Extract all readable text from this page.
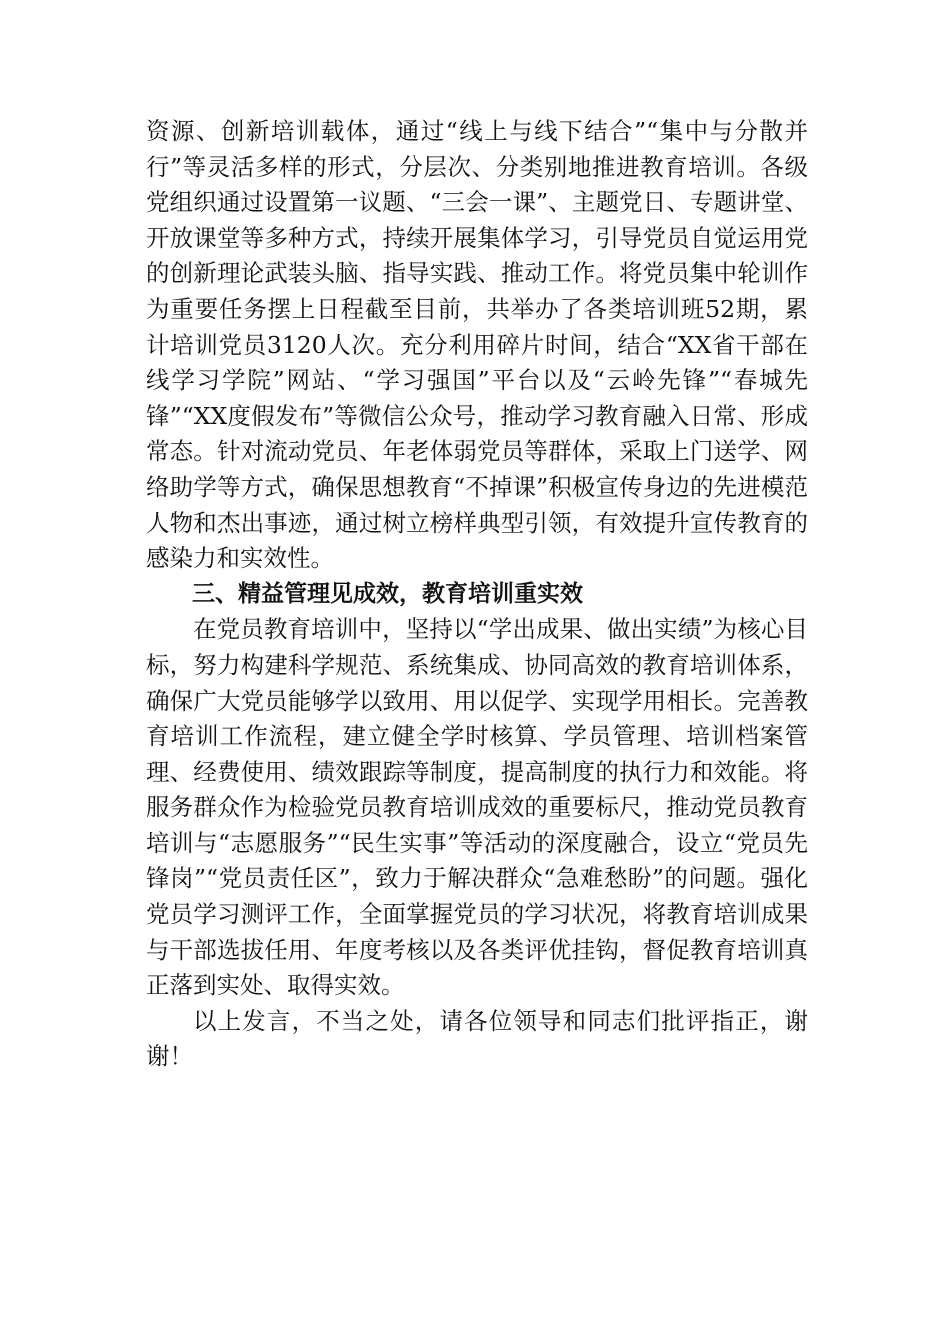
资源、创新培训载体，通过“线上与线下结合”“集中与分散并行”等灵活多样的形式，分层次、分类别地推进教育培训。各级党组织通过设置第一议题、“三会一课”、主题党日、专题讲堂、开放课堂等多种方式，持续开展集体学习，引导党员自觉运用党的创新理论武装头脑、指导实践、推动工作。将党员集中轮训作为重要任务摆上日程截至目前，共举办了各类培训班52期，累计培训党员3120人次。充分利用碎片时间，结合“XX省干部在线学习学院”网站、“学习强国”平台以及“云岭先锋”“春城先锋”“XX度假发布”等微信公众号，推动学习教育融入日常、形成常态。针对流动党员、年老体弱党员等群体，采取上门送学、网络助学等方式，确保思想教育“不掉课”积极宣传身边的先进模范人物和杰出事迹，通过树立榜样典型引领，有效提升宣传教育的感染力和实效性。

三、精益管理见成效，教育培训重实效

在党员教育培训中，坚持以“学出成果、做出实绩”为核心目标，努力构建科学规范、系统集成、协同高效的教育培训体系，确保广大党员能够学以致用、用以促学、实现学用相长。完善教育培训工作流程，建立健全学时核算、学员管理、培训档案管理、经费使用、绩效跟踪等制度，提高制度的执行力和效能。将服务群众作为检验党员教育培训成效的重要标尺，推动党员教育培训与“志愿服务”“民生实事”等活动的深度融合，设立“党员先锋岗”“党员责任区”，致力于解决群众“急难愁盼”的问题。强化党员学习测评工作，全面掌握党员的学习状况，将教育培训成果与干部选拔任用、年度考核以及各类评优挂钩，督促教育培训真正落到实处、取得实效。

以上发言，不当之处，请各位领导和同志们批评指正，谢谢！
